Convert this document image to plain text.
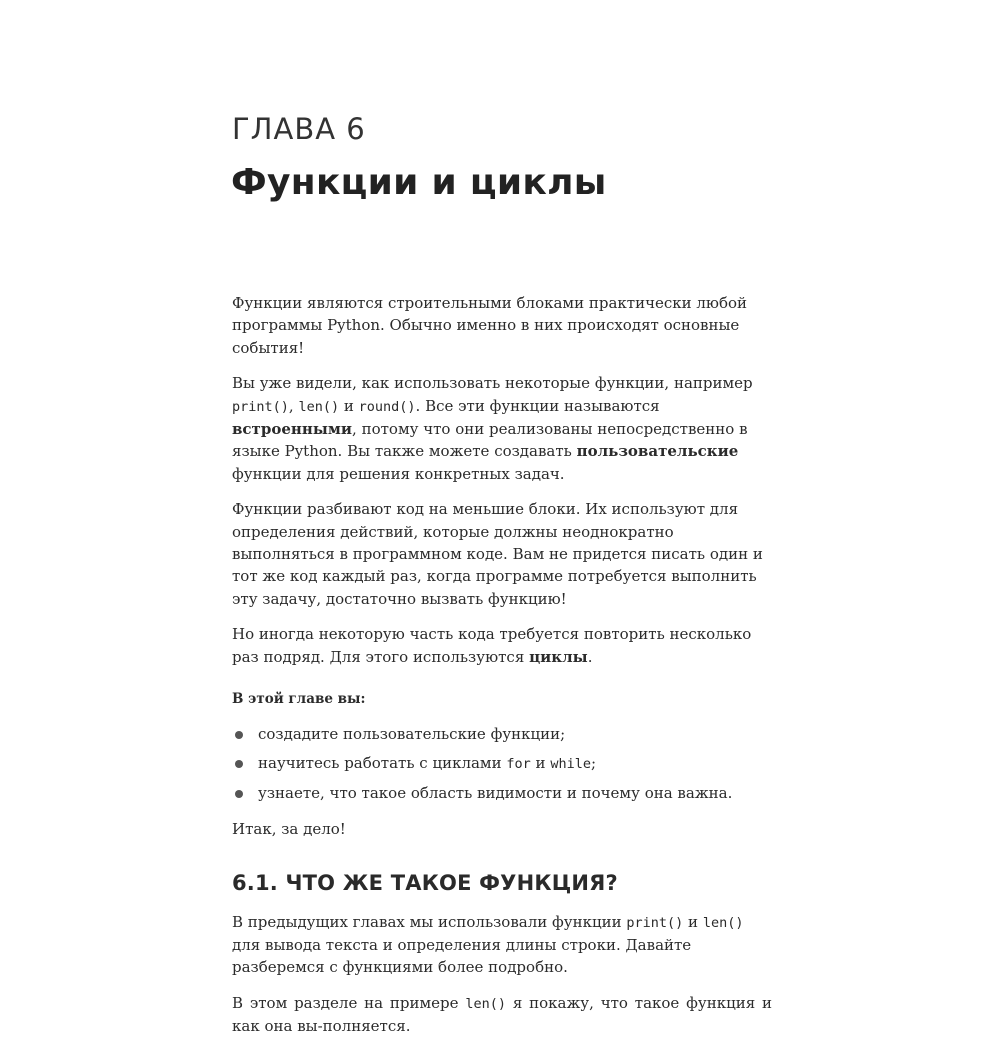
ГЛАВА 6
Функции и циклы

Функции являются строительными блоками практически любой программы Python. Обычно именно в них происходят основные события!

Вы уже видели, как использовать некоторые функции, например print(), len() и round(). Все эти функции называются встроенными, потому что они реализованы непосредственно в языке Python. Вы также можете создавать пользовательские функции для решения конкретных задач.

Функции разбивают код на меньшие блоки. Их используют для определения действий, которые должны неоднократно выполняться в программном коде. Вам не придется писать один и тот же код каждый раз, когда программе потребуется выполнить эту задачу, достаточно вызвать функцию!

Но иногда некоторую часть кода требуется повторить несколько раз подряд. Для этого используются циклы.

В этой главе вы:

создадите пользовательские функции;
научитесь работать с циклами for и while;
узнаете, что такое область видимости и почему она важна.

Итак, за дело!

6.1. ЧТО ЖЕ ТАКОЕ ФУНКЦИЯ?

В предыдущих главах мы использовали функции print() и len() для вывода текста и определения длины строки. Давайте разберемся с функциями более подробно.

В этом разделе на примере len() я покажу, что такое функция и как она вы-полняется.
